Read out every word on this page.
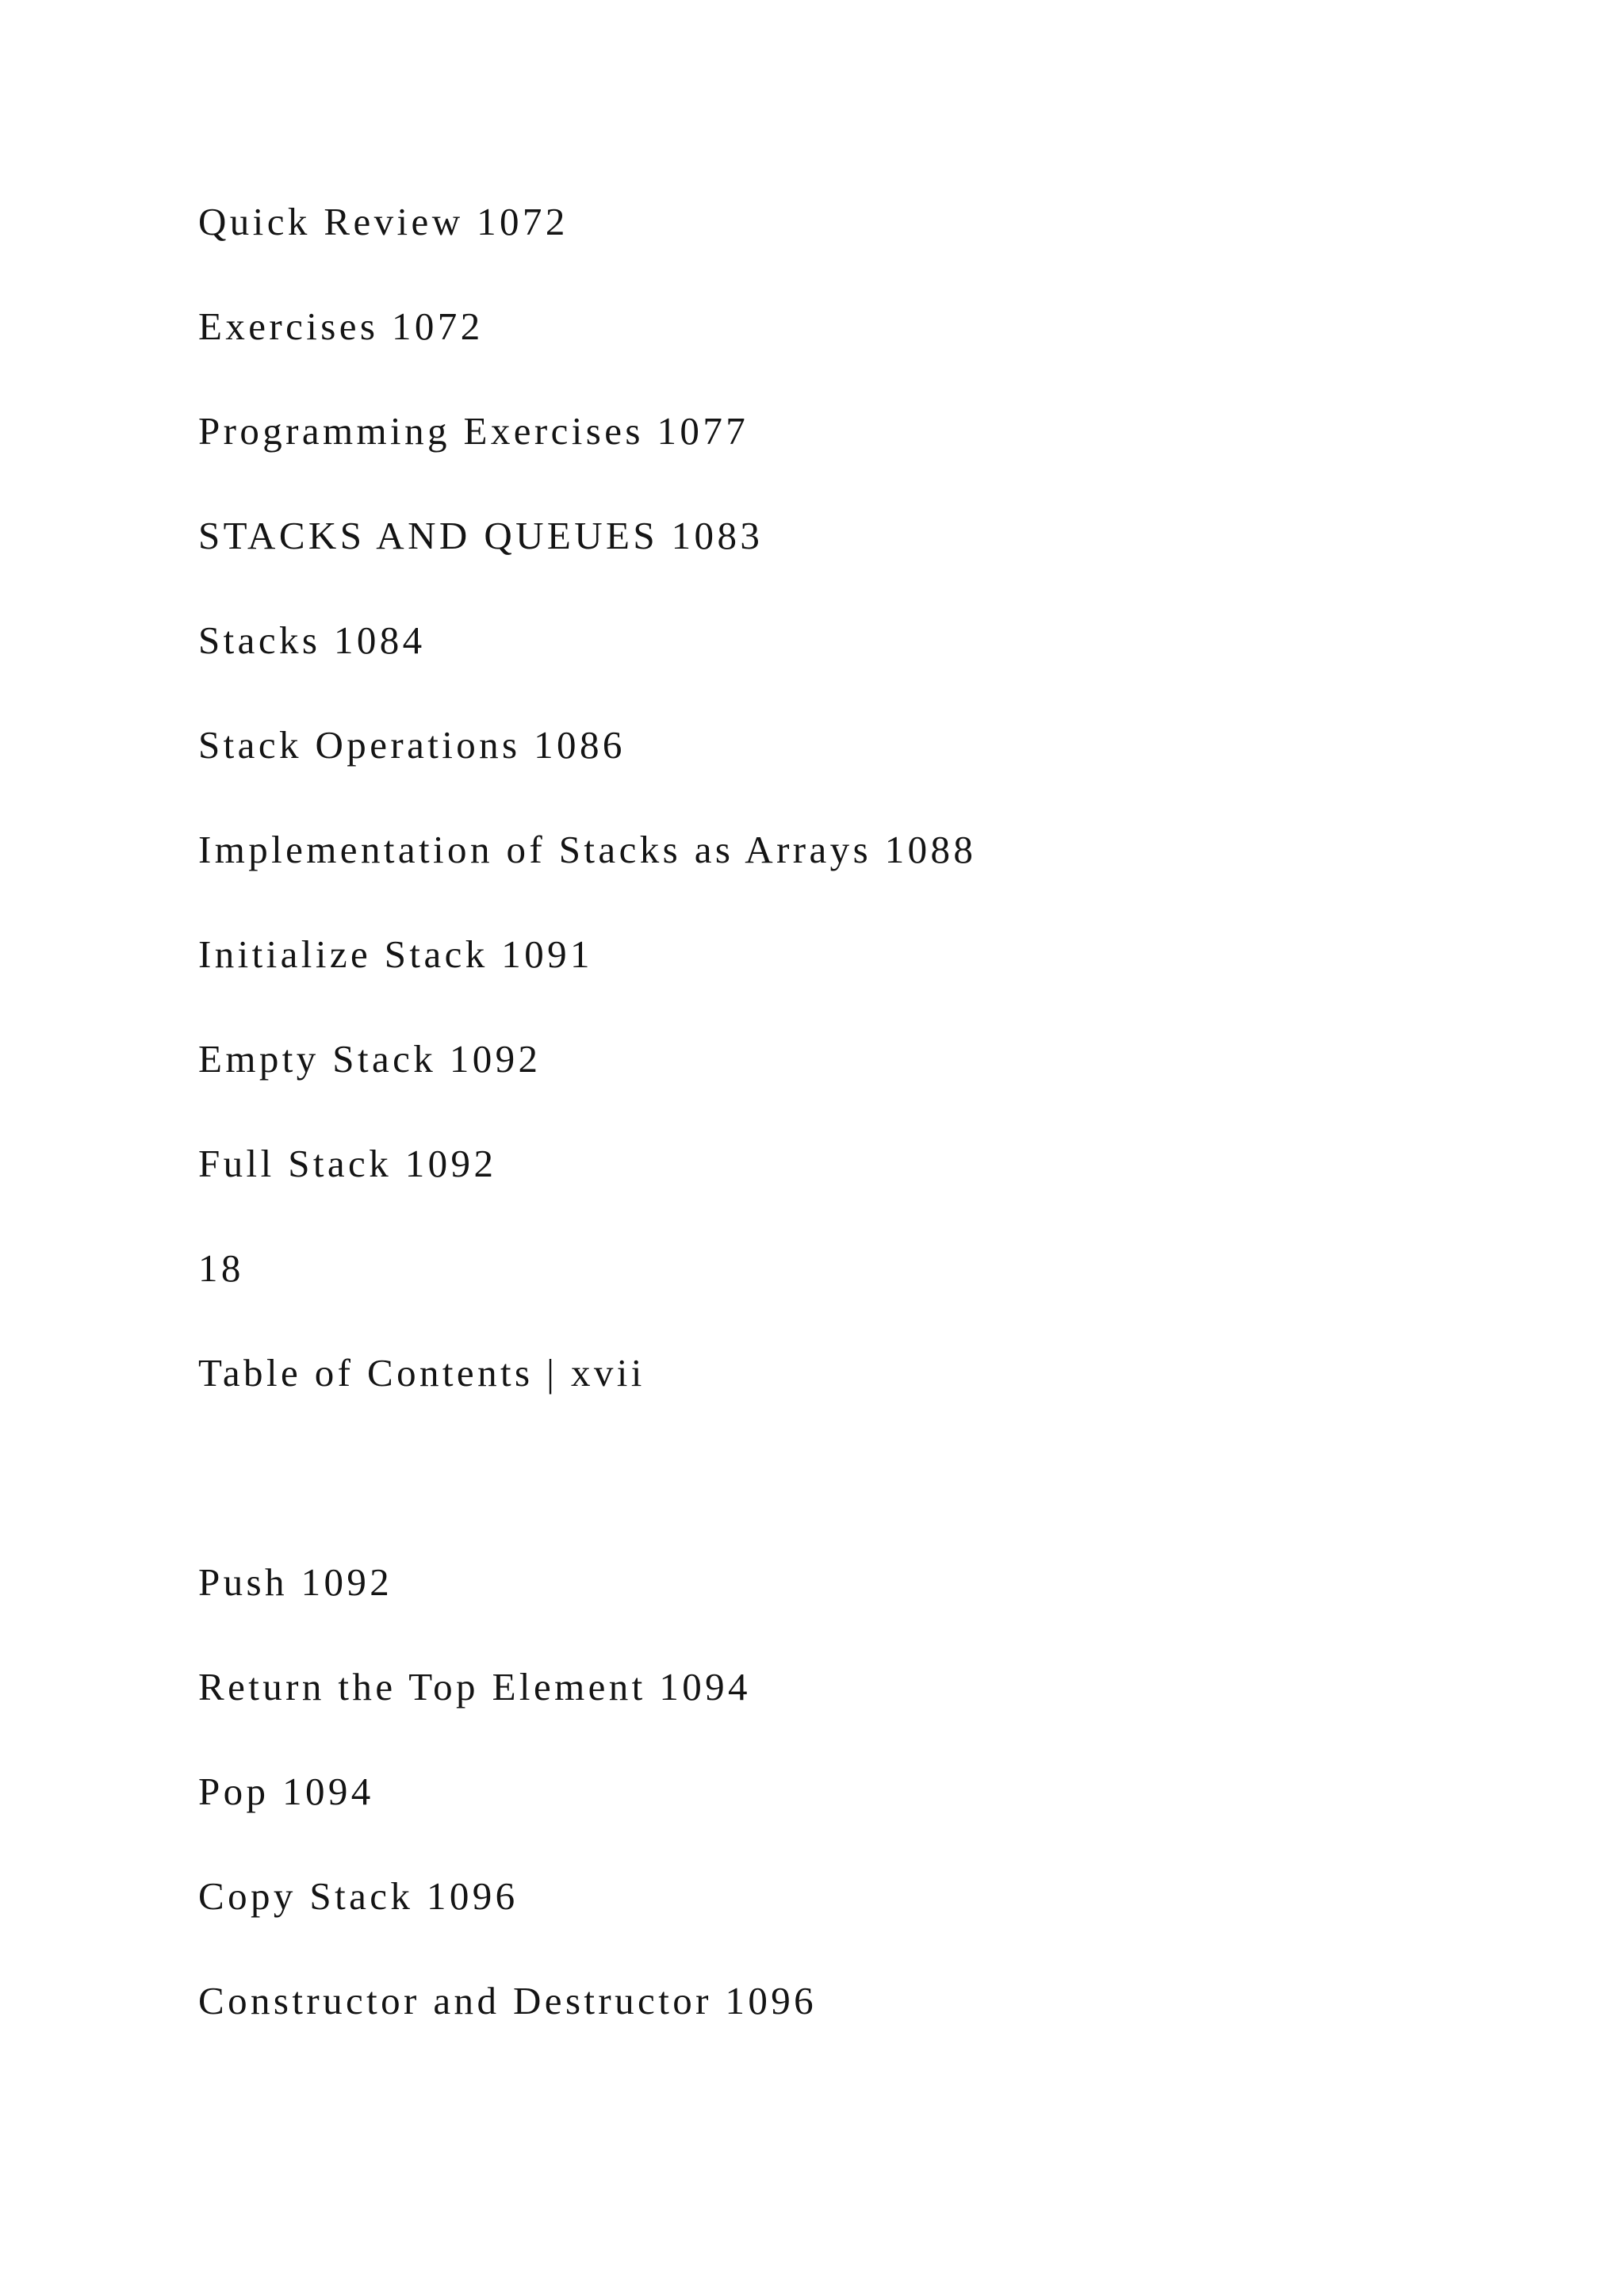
Quick Review 1072

Exercises 1072

Programming Exercises 1077

STACKS AND QUEUES 1083

Stacks 1084

Stack Operations 1086

Implementation of Stacks as Arrays 1088

Initialize Stack 1091

Empty Stack 1092

Full Stack 1092

18

Table of Contents | xvii

Push 1092

Return the Top Element 1094

Pop 1094

Copy Stack 1096

Constructor and Destructor 1096
